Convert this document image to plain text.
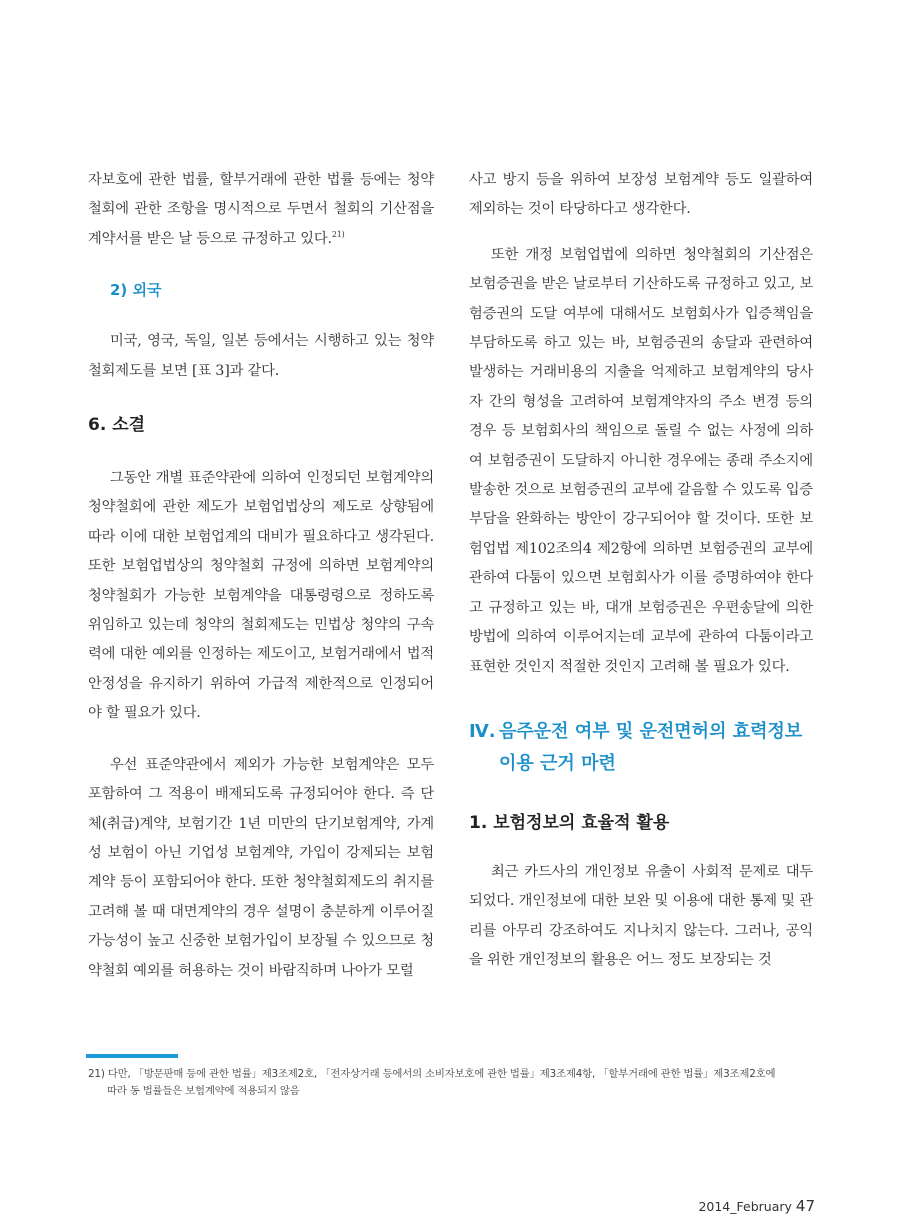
자보호에 관한 법률, 할부거래에 관한 법률 등에는 청약철회에 관한 조항을 명시적으로 두면서 철회의 기산점을 계약서를 받은 날 등으로 규정하고 있다.$^{21)}$

2) 외국

미국, 영국, 독일, 일본 등에서는 시행하고 있는 청약철회제도를 보면 [표 3]과 같다.

6. 소결

그동안 개별 표준약관에 의하여 인정되던 보험계약의 청약철회에 관한 제도가 보험업법상의 제도로 상향됨에 따라 이에 대한 보험업계의 대비가 필요하다고 생각된다. 또한 보험업법상의 청약철회 규정에 의하면 보험계약의 청약철회가 가능한 보험계약을 대통령령으로 정하도록 위임하고 있는데 청약의 철회제도는 민법상 청약의 구속력에 대한 예외를 인정하는 제도이고, 보험거래에서 법적 안정성을 유지하기 위하여 가급적 제한적으로 인정되어야 할 필요가 있다.

우선 표준약관에서 제외가 가능한 보험계약은 모두 포함하여 그 적용이 배제되도록 규정되어야 한다. 즉 단체(취급)계약, 보험기간 1년 미만의 단기보험계약, 가계성 보험이 아닌 기업성 보험계약, 가입이 강제되는 보험계약 등이 포함되어야 한다. 또한 청약철회제도의 취지를 고려해 볼 때 대면계약의 경우 설명이 충분하게 이루어질 가능성이 높고 신중한 보험가입이 보장될 수 있으므로 청약철회 예외를 허용하는 것이 바람직하며 나아가 모럴

사고 방지 등을 위하여 보장성 보험계약 등도 일괄하여 제외하는 것이 타당하다고 생각한다.

또한 개정 보험업법에 의하면 청약철회의 기산점은 보험증권을 받은 날로부터 기산하도록 규정하고 있고, 보험증권의 도달 여부에 대해서도 보험회사가 입증책임을 부담하도록 하고 있는 바, 보험증권의 송달과 관련하여 발생하는 거래비용의 지출을 억제하고 보험계약의 당사자 간의 형성을 고려하여 보험계약자의 주소 변경 등의 경우 등 보험회사의 책임으로 돌릴 수 없는 사정에 의하여 보험증권이 도달하지 아니한 경우에는 종래 주소지에 발송한 것으로 보험증권의 교부에 갈음할 수 있도록 입증부담을 완화하는 방안이 강구되어야 할 것이다. 또한 보험업법 제102조의4 제2항에 의하면 보험증권의 교부에 관하여 다툼이 있으면 보험회사가 이를 증명하여야 한다고 규정하고 있는 바, 대개 보험증권은 우편송달에 의한 방법에 의하여 이루어지는데 교부에 관하여 다툼이라고 표현한 것인지 적절한 것인지 고려해 볼 필요가 있다.

Ⅳ. 음주운전 여부 및 운전면허의 효력정보
이용 근거 마련
1. 보험정보의 효율적 활용

최근 카드사의 개인정보 유출이 사회적 문제로 대두되었다. 개인정보에 대한 보완 및 이용에 대한 통제 및 관리를 아무리 강조하여도 지나치지 않는다. 그러나, 공익을 위한 개인정보의 활용은 어느 정도 보장되는 것

21) 다만, 「방문판매 등에 관한 법률」제3조제2호, 「전자상거래 등에서의 소비자보호에 관한 법률」제3조제4항, 「할부거래에 관한 법률」제3조제2호에
따라 동 법률들은 보험계약에 적용되지 않음
2014_February 47
